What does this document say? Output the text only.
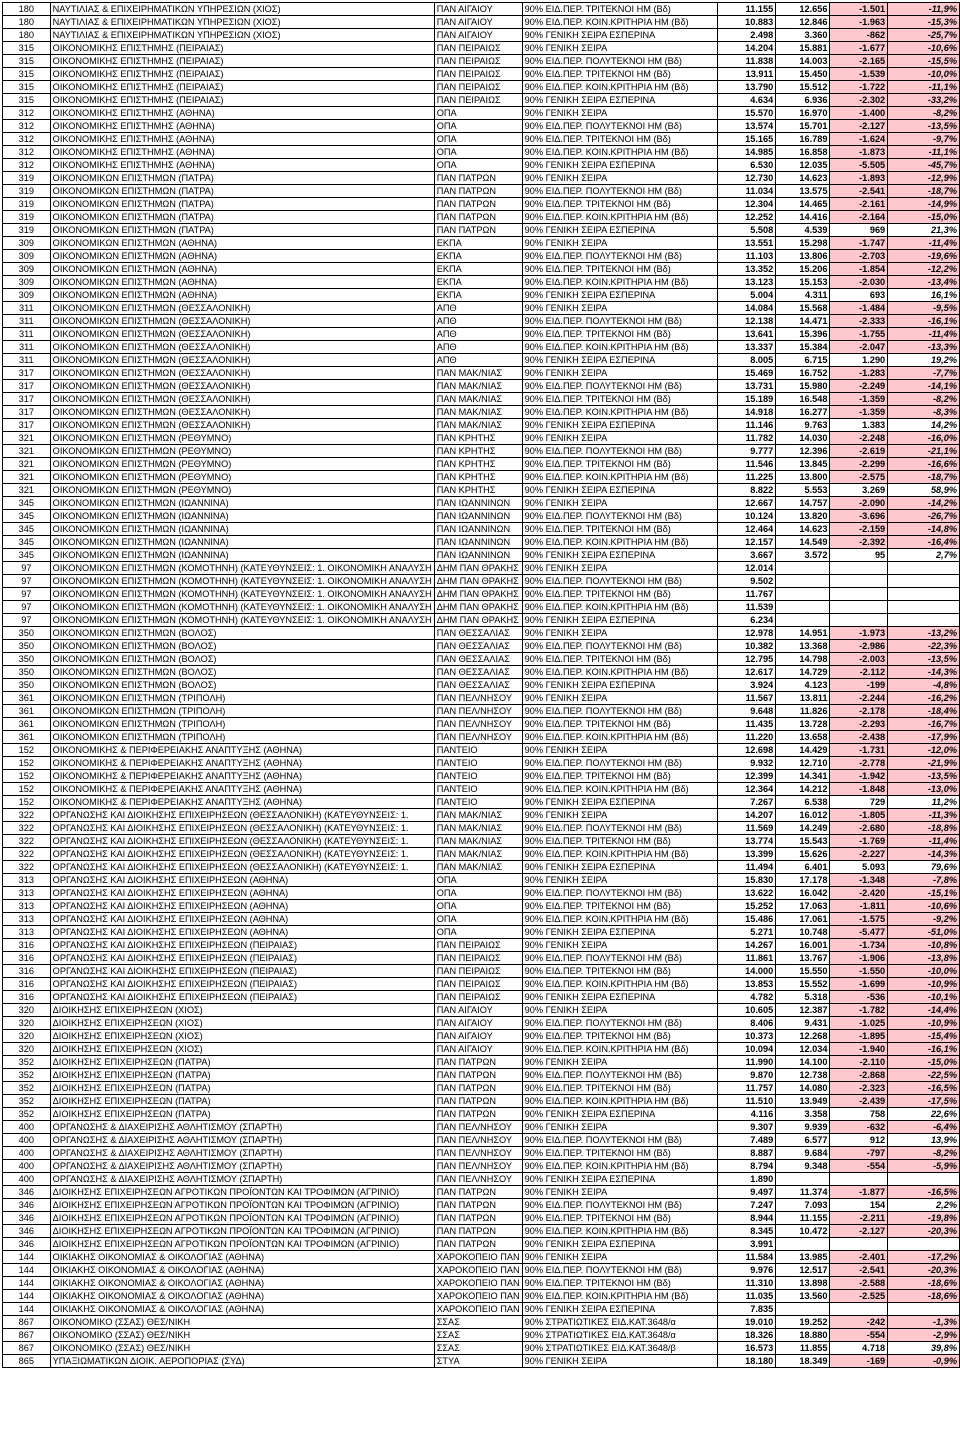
180	ΝΑΥΤΙΛΙΑΣ & ΕΠΙΧΕΙΡΗΜΑΤΙΚΩΝ ΥΠΗΡΕΣΙΩΝ (ΧΙΟΣ)	ΠΑΝ ΑΙΓΑΙΟΥ	90% ΕΙΔ.ΠΕΡ. ΤΡΙΤΕΚΝΟΙ ΗΜ (Βδ)	11.155	12.656	-1.501	-11,9%
180	ΝΑΥΤΙΛΙΑΣ & ΕΠΙΧΕΙΡΗΜΑΤΙΚΩΝ ΥΠΗΡΕΣΙΩΝ (ΧΙΟΣ)	ΠΑΝ ΑΙΓΑΙΟΥ	90% ΕΙΔ.ΠΕΡ. ΚΟΙΝ.ΚΡΙΤΗΡΙΑ ΗΜ (Βδ)	10.883	12.846	-1.963	-15,3%
180	ΝΑΥΤΙΛΙΑΣ & ΕΠΙΧΕΙΡΗΜΑΤΙΚΩΝ ΥΠΗΡΕΣΙΩΝ (ΧΙΟΣ)	ΠΑΝ ΑΙΓΑΙΟΥ	90% ΓΕΝΙΚΗ ΣΕΙΡΑ ΕΣΠΕΡΙΝΑ	2.498	3.360	-862	-25,7%
315	ΟΙΚΟΝΟΜΙΚΗΣ ΕΠΙΣΤΗΜΗΣ (ΠΕΙΡΑΙΑΣ)	ΠΑΝ ΠΕΙΡΑΙΩΣ	90% ΓΕΝΙΚΗ ΣΕΙΡΑ	14.204	15.881	-1.677	-10,6%
315	ΟΙΚΟΝΟΜΙΚΗΣ ΕΠΙΣΤΗΜΗΣ (ΠΕΙΡΑΙΑΣ)	ΠΑΝ ΠΕΙΡΑΙΩΣ	90% ΕΙΔ.ΠΕΡ. ΠΟΛΥΤΕΚΝΟΙ ΗΜ (Βδ)	11.838	14.003	-2.165	-15,5%
315	ΟΙΚΟΝΟΜΙΚΗΣ ΕΠΙΣΤΗΜΗΣ (ΠΕΙΡΑΙΑΣ)	ΠΑΝ ΠΕΙΡΑΙΩΣ	90% ΕΙΔ.ΠΕΡ. ΤΡΙΤΕΚΝΟΙ ΗΜ (Βδ)	13.911	15.450	-1.539	-10,0%
315	ΟΙΚΟΝΟΜΙΚΗΣ ΕΠΙΣΤΗΜΗΣ (ΠΕΙΡΑΙΑΣ)	ΠΑΝ ΠΕΙΡΑΙΩΣ	90% ΕΙΔ.ΠΕΡ. ΚΟΙΝ.ΚΡΙΤΗΡΙΑ ΗΜ (Βδ)	13.790	15.512	-1.722	-11,1%
315	ΟΙΚΟΝΟΜΙΚΗΣ ΕΠΙΣΤΗΜΗΣ (ΠΕΙΡΑΙΑΣ)	ΠΑΝ ΠΕΙΡΑΙΩΣ	90% ΓΕΝΙΚΗ ΣΕΙΡΑ ΕΣΠΕΡΙΝΑ	4.634	6.936	-2.302	-33,2%
312	ΟΙΚΟΝΟΜΙΚΗΣ ΕΠΙΣΤΗΜΗΣ (ΑΘΗΝΑ)	ΟΠΑ	90% ΓΕΝΙΚΗ ΣΕΙΡΑ	15.570	16.970	-1.400	-8,2%
312	ΟΙΚΟΝΟΜΙΚΗΣ ΕΠΙΣΤΗΜΗΣ (ΑΘΗΝΑ)	ΟΠΑ	90% ΕΙΔ.ΠΕΡ. ΠΟΛΥΤΕΚΝΟΙ ΗΜ (Βδ)	13.574	15.701	-2.127	-13,5%
312	ΟΙΚΟΝΟΜΙΚΗΣ ΕΠΙΣΤΗΜΗΣ (ΑΘΗΝΑ)	ΟΠΑ	90% ΕΙΔ.ΠΕΡ. ΤΡΙΤΕΚΝΟΙ ΗΜ (Βδ)	15.165	16.789	-1.624	-9,7%
312	ΟΙΚΟΝΟΜΙΚΗΣ ΕΠΙΣΤΗΜΗΣ (ΑΘΗΝΑ)	ΟΠΑ	90% ΕΙΔ.ΠΕΡ. ΚΟΙΝ.ΚΡΙΤΗΡΙΑ ΗΜ (Βδ)	14.985	16.858	-1.873	-11,1%
312	ΟΙΚΟΝΟΜΙΚΗΣ ΕΠΙΣΤΗΜΗΣ (ΑΘΗΝΑ)	ΟΠΑ	90% ΓΕΝΙΚΗ ΣΕΙΡΑ ΕΣΠΕΡΙΝΑ	6.530	12.035	-5.505	-45,7%
319	ΟΙΚΟΝΟΜΙΚΩΝ ΕΠΙΣΤΗΜΩΝ (ΠΑΤΡΑ)	ΠΑΝ ΠΑΤΡΩΝ	90% ΓΕΝΙΚΗ ΣΕΙΡΑ	12.730	14.623	-1.893	-12,9%
319	ΟΙΚΟΝΟΜΙΚΩΝ ΕΠΙΣΤΗΜΩΝ (ΠΑΤΡΑ)	ΠΑΝ ΠΑΤΡΩΝ	90% ΕΙΔ.ΠΕΡ. ΠΟΛΥΤΕΚΝΟΙ ΗΜ (Βδ)	11.034	13.575	-2.541	-18,7%
319	ΟΙΚΟΝΟΜΙΚΩΝ ΕΠΙΣΤΗΜΩΝ (ΠΑΤΡΑ)	ΠΑΝ ΠΑΤΡΩΝ	90% ΕΙΔ.ΠΕΡ. ΤΡΙΤΕΚΝΟΙ ΗΜ (Βδ)	12.304	14.465	-2.161	-14,9%
319	ΟΙΚΟΝΟΜΙΚΩΝ ΕΠΙΣΤΗΜΩΝ (ΠΑΤΡΑ)	ΠΑΝ ΠΑΤΡΩΝ	90% ΕΙΔ.ΠΕΡ. ΚΟΙΝ.ΚΡΙΤΗΡΙΑ ΗΜ (Βδ)	12.252	14.416	-2.164	-15,0%
319	ΟΙΚΟΝΟΜΙΚΩΝ ΕΠΙΣΤΗΜΩΝ (ΠΑΤΡΑ)	ΠΑΝ ΠΑΤΡΩΝ	90% ΓΕΝΙΚΗ ΣΕΙΡΑ ΕΣΠΕΡΙΝΑ	5.508	4.539	969	21,3%
309	ΟΙΚΟΝΟΜΙΚΩΝ ΕΠΙΣΤΗΜΩΝ (ΑΘΗΝΑ)	ΕΚΠΑ	90% ΓΕΝΙΚΗ ΣΕΙΡΑ	13.551	15.298	-1.747	-11,4%
309	ΟΙΚΟΝΟΜΙΚΩΝ ΕΠΙΣΤΗΜΩΝ (ΑΘΗΝΑ)	ΕΚΠΑ	90% ΕΙΔ.ΠΕΡ. ΠΟΛΥΤΕΚΝΟΙ ΗΜ (Βδ)	11.103	13.806	-2.703	-19,6%
309	ΟΙΚΟΝΟΜΙΚΩΝ ΕΠΙΣΤΗΜΩΝ (ΑΘΗΝΑ)	ΕΚΠΑ	90% ΕΙΔ.ΠΕΡ. ΤΡΙΤΕΚΝΟΙ ΗΜ (Βδ)	13.352	15.206	-1.854	-12,2%
309	ΟΙΚΟΝΟΜΙΚΩΝ ΕΠΙΣΤΗΜΩΝ (ΑΘΗΝΑ)	ΕΚΠΑ	90% ΕΙΔ.ΠΕΡ. ΚΟΙΝ.ΚΡΙΤΗΡΙΑ ΗΜ (Βδ)	13.123	15.153	-2.030	-13,4%
309	ΟΙΚΟΝΟΜΙΚΩΝ ΕΠΙΣΤΗΜΩΝ (ΑΘΗΝΑ)	ΕΚΠΑ	90% ΓΕΝΙΚΗ ΣΕΙΡΑ ΕΣΠΕΡΙΝΑ	5.004	4.311	693	16,1%
311	ΟΙΚΟΝΟΜΙΚΩΝ ΕΠΙΣΤΗΜΩΝ (ΘΕΣΣΑΛΟΝΙΚΗ)	ΑΠΘ	90% ΓΕΝΙΚΗ ΣΕΙΡΑ	14.084	15.568	-1.484	-9,5%
311	ΟΙΚΟΝΟΜΙΚΩΝ ΕΠΙΣΤΗΜΩΝ (ΘΕΣΣΑΛΟΝΙΚΗ)	ΑΠΘ	90% ΕΙΔ.ΠΕΡ. ΠΟΛΥΤΕΚΝΟΙ ΗΜ (Βδ)	12.138	14.471	-2.333	-16,1%
311	ΟΙΚΟΝΟΜΙΚΩΝ ΕΠΙΣΤΗΜΩΝ (ΘΕΣΣΑΛΟΝΙΚΗ)	ΑΠΘ	90% ΕΙΔ.ΠΕΡ. ΤΡΙΤΕΚΝΟΙ ΗΜ (Βδ)	13.641	15.396	-1.755	-11,4%
311	ΟΙΚΟΝΟΜΙΚΩΝ ΕΠΙΣΤΗΜΩΝ (ΘΕΣΣΑΛΟΝΙΚΗ)	ΑΠΘ	90% ΕΙΔ.ΠΕΡ. ΚΟΙΝ.ΚΡΙΤΗΡΙΑ ΗΜ (Βδ)	13.337	15.384	-2.047	-13,3%
311	ΟΙΚΟΝΟΜΙΚΩΝ ΕΠΙΣΤΗΜΩΝ (ΘΕΣΣΑΛΟΝΙΚΗ)	ΑΠΘ	90% ΓΕΝΙΚΗ ΣΕΙΡΑ ΕΣΠΕΡΙΝΑ	8.005	6.715	1.290	19,2%
317	ΟΙΚΟΝΟΜΙΚΩΝ ΕΠΙΣΤΗΜΩΝ (ΘΕΣΣΑΛΟΝΙΚΗ)	ΠΑΝ ΜΑΚ/ΝΙΑΣ	90% ΓΕΝΙΚΗ ΣΕΙΡΑ	15.469	16.752	-1.283	-7,7%
317	ΟΙΚΟΝΟΜΙΚΩΝ ΕΠΙΣΤΗΜΩΝ (ΘΕΣΣΑΛΟΝΙΚΗ)	ΠΑΝ ΜΑΚ/ΝΙΑΣ	90% ΕΙΔ.ΠΕΡ. ΠΟΛΥΤΕΚΝΟΙ ΗΜ (Βδ)	13.731	15.980	-2.249	-14,1%
317	ΟΙΚΟΝΟΜΙΚΩΝ ΕΠΙΣΤΗΜΩΝ (ΘΕΣΣΑΛΟΝΙΚΗ)	ΠΑΝ ΜΑΚ/ΝΙΑΣ	90% ΕΙΔ.ΠΕΡ. ΤΡΙΤΕΚΝΟΙ ΗΜ (Βδ)	15.189	16.548	-1.359	-8,2%
317	ΟΙΚΟΝΟΜΙΚΩΝ ΕΠΙΣΤΗΜΩΝ (ΘΕΣΣΑΛΟΝΙΚΗ)	ΠΑΝ ΜΑΚ/ΝΙΑΣ	90% ΕΙΔ.ΠΕΡ. ΚΟΙΝ.ΚΡΙΤΗΡΙΑ ΗΜ (Βδ)	14.918	16.277	-1.359	-8,3%
317	ΟΙΚΟΝΟΜΙΚΩΝ ΕΠΙΣΤΗΜΩΝ (ΘΕΣΣΑΛΟΝΙΚΗ)	ΠΑΝ ΜΑΚ/ΝΙΑΣ	90% ΓΕΝΙΚΗ ΣΕΙΡΑ ΕΣΠΕΡΙΝΑ	11.146	9.763	1.383	14,2%
321	ΟΙΚΟΝΟΜΙΚΩΝ ΕΠΙΣΤΗΜΩΝ (ΡΕΘΥΜΝΟ)	ΠΑΝ ΚΡΗΤΗΣ	90% ΓΕΝΙΚΗ ΣΕΙΡΑ	11.782	14.030	-2.248	-16,0%
321	ΟΙΚΟΝΟΜΙΚΩΝ ΕΠΙΣΤΗΜΩΝ (ΡΕΘΥΜΝΟ)	ΠΑΝ ΚΡΗΤΗΣ	90% ΕΙΔ.ΠΕΡ. ΠΟΛΥΤΕΚΝΟΙ ΗΜ (Βδ)	9.777	12.396	-2.619	-21,1%
321	ΟΙΚΟΝΟΜΙΚΩΝ ΕΠΙΣΤΗΜΩΝ (ΡΕΘΥΜΝΟ)	ΠΑΝ ΚΡΗΤΗΣ	90% ΕΙΔ.ΠΕΡ. ΤΡΙΤΕΚΝΟΙ ΗΜ (Βδ)	11.546	13.845	-2.299	-16,6%
321	ΟΙΚΟΝΟΜΙΚΩΝ ΕΠΙΣΤΗΜΩΝ (ΡΕΘΥΜΝΟ)	ΠΑΝ ΚΡΗΤΗΣ	90% ΕΙΔ.ΠΕΡ. ΚΟΙΝ.ΚΡΙΤΗΡΙΑ ΗΜ (Βδ)	11.225	13.800	-2.575	-18,7%
321	ΟΙΚΟΝΟΜΙΚΩΝ ΕΠΙΣΤΗΜΩΝ (ΡΕΘΥΜΝΟ)	ΠΑΝ ΚΡΗΤΗΣ	90% ΓΕΝΙΚΗ ΣΕΙΡΑ ΕΣΠΕΡΙΝΑ	8.822	5.553	3.269	58,9%
345	ΟΙΚΟΝΟΜΙΚΩΝ ΕΠΙΣΤΗΜΩΝ (ΙΩΑΝΝΙΝΑ)	ΠΑΝ ΙΩΑΝΝΙΝΩΝ	90% ΓΕΝΙΚΗ ΣΕΙΡΑ	12.667	14.757	-2.090	-14,2%
345	ΟΙΚΟΝΟΜΙΚΩΝ ΕΠΙΣΤΗΜΩΝ (ΙΩΑΝΝΙΝΑ)	ΠΑΝ ΙΩΑΝΝΙΝΩΝ	90% ΕΙΔ.ΠΕΡ. ΠΟΛΥΤΕΚΝΟΙ ΗΜ (Βδ)	10.124	13.820	-3.696	-26,7%
345	ΟΙΚΟΝΟΜΙΚΩΝ ΕΠΙΣΤΗΜΩΝ (ΙΩΑΝΝΙΝΑ)	ΠΑΝ ΙΩΑΝΝΙΝΩΝ	90% ΕΙΔ.ΠΕΡ. ΤΡΙΤΕΚΝΟΙ ΗΜ (Βδ)	12.464	14.623	-2.159	-14,8%
345	ΟΙΚΟΝΟΜΙΚΩΝ ΕΠΙΣΤΗΜΩΝ (ΙΩΑΝΝΙΝΑ)	ΠΑΝ ΙΩΑΝΝΙΝΩΝ	90% ΕΙΔ.ΠΕΡ. ΚΟΙΝ.ΚΡΙΤΗΡΙΑ ΗΜ (Βδ)	12.157	14.549	-2.392	-16,4%
345	ΟΙΚΟΝΟΜΙΚΩΝ ΕΠΙΣΤΗΜΩΝ (ΙΩΑΝΝΙΝΑ)	ΠΑΝ ΙΩΑΝΝΙΝΩΝ	90% ΓΕΝΙΚΗ ΣΕΙΡΑ ΕΣΠΕΡΙΝΑ	3.667	3.572	95	2,7%
97	ΟΙΚΟΝΟΜΙΚΩΝ ΕΠΙΣΤΗΜΩΝ (ΚΟΜΟΤΗΝΗ) (ΚΑΤΕΥΘΥΝΣΕΙΣ: 1. ΟΙΚΟΝΟΜΙΚΗ ΑΝΑΛΥΣΗ	ΔΗΜ ΠΑΝ ΘΡΑΚΗΣ	90% ΓΕΝΙΚΗ ΣΕΙΡΑ	12.014			
97	ΟΙΚΟΝΟΜΙΚΩΝ ΕΠΙΣΤΗΜΩΝ (ΚΟΜΟΤΗΝΗ) (ΚΑΤΕΥΘΥΝΣΕΙΣ: 1. ΟΙΚΟΝΟΜΙΚΗ ΑΝΑΛΥΣΗ	ΔΗΜ ΠΑΝ ΘΡΑΚΗΣ	90% ΕΙΔ.ΠΕΡ. ΠΟΛΥΤΕΚΝΟΙ ΗΜ (Βδ)	9.502			
97	ΟΙΚΟΝΟΜΙΚΩΝ ΕΠΙΣΤΗΜΩΝ (ΚΟΜΟΤΗΝΗ) (ΚΑΤΕΥΘΥΝΣΕΙΣ: 1. ΟΙΚΟΝΟΜΙΚΗ ΑΝΑΛΥΣΗ	ΔΗΜ ΠΑΝ ΘΡΑΚΗΣ	90% ΕΙΔ.ΠΕΡ. ΤΡΙΤΕΚΝΟΙ ΗΜ (Βδ)	11.767			
97	ΟΙΚΟΝΟΜΙΚΩΝ ΕΠΙΣΤΗΜΩΝ (ΚΟΜΟΤΗΝΗ) (ΚΑΤΕΥΘΥΝΣΕΙΣ: 1. ΟΙΚΟΝΟΜΙΚΗ ΑΝΑΛΥΣΗ	ΔΗΜ ΠΑΝ ΘΡΑΚΗΣ	90% ΕΙΔ.ΠΕΡ. ΚΟΙΝ.ΚΡΙΤΗΡΙΑ ΗΜ (Βδ)	11.539			
97	ΟΙΚΟΝΟΜΙΚΩΝ ΕΠΙΣΤΗΜΩΝ (ΚΟΜΟΤΗΝΗ) (ΚΑΤΕΥΘΥΝΣΕΙΣ: 1. ΟΙΚΟΝΟΜΙΚΗ ΑΝΑΛΥΣΗ	ΔΗΜ ΠΑΝ ΘΡΑΚΗΣ	90% ΓΕΝΙΚΗ ΣΕΙΡΑ ΕΣΠΕΡΙΝΑ	6.234			
350	ΟΙΚΟΝΟΜΙΚΩΝ ΕΠΙΣΤΗΜΩΝ (ΒΟΛΟΣ)	ΠΑΝ ΘΕΣΣΑΛΙΑΣ	90% ΓΕΝΙΚΗ ΣΕΙΡΑ	12.978	14.951	-1.973	-13,2%
350	ΟΙΚΟΝΟΜΙΚΩΝ ΕΠΙΣΤΗΜΩΝ (ΒΟΛΟΣ)	ΠΑΝ ΘΕΣΣΑΛΙΑΣ	90% ΕΙΔ.ΠΕΡ. ΠΟΛΥΤΕΚΝΟΙ ΗΜ (Βδ)	10.382	13.368	-2.986	-22,3%
350	ΟΙΚΟΝΟΜΙΚΩΝ ΕΠΙΣΤΗΜΩΝ (ΒΟΛΟΣ)	ΠΑΝ ΘΕΣΣΑΛΙΑΣ	90% ΕΙΔ.ΠΕΡ. ΤΡΙΤΕΚΝΟΙ ΗΜ (Βδ)	12.795	14.798	-2.003	-13,5%
350	ΟΙΚΟΝΟΜΙΚΩΝ ΕΠΙΣΤΗΜΩΝ (ΒΟΛΟΣ)	ΠΑΝ ΘΕΣΣΑΛΙΑΣ	90% ΕΙΔ.ΠΕΡ. ΚΟΙΝ.ΚΡΙΤΗΡΙΑ ΗΜ (Βδ)	12.617	14.729	-2.112	-14,3%
350	ΟΙΚΟΝΟΜΙΚΩΝ ΕΠΙΣΤΗΜΩΝ (ΒΟΛΟΣ)	ΠΑΝ ΘΕΣΣΑΛΙΑΣ	90% ΓΕΝΙΚΗ ΣΕΙΡΑ ΕΣΠΕΡΙΝΑ	3.924	4.123	-199	-4,8%
361	ΟΙΚΟΝΟΜΙΚΩΝ ΕΠΙΣΤΗΜΩΝ (ΤΡΙΠΟΛΗ)	ΠΑΝ ΠΕΛ/ΝΗΣΟΥ	90% ΓΕΝΙΚΗ ΣΕΙΡΑ	11.567	13.811	-2.244	-16,2%
361	ΟΙΚΟΝΟΜΙΚΩΝ ΕΠΙΣΤΗΜΩΝ (ΤΡΙΠΟΛΗ)	ΠΑΝ ΠΕΛ/ΝΗΣΟΥ	90% ΕΙΔ.ΠΕΡ. ΠΟΛΥΤΕΚΝΟΙ ΗΜ (Βδ)	9.648	11.826	-2.178	-18,4%
361	ΟΙΚΟΝΟΜΙΚΩΝ ΕΠΙΣΤΗΜΩΝ (ΤΡΙΠΟΛΗ)	ΠΑΝ ΠΕΛ/ΝΗΣΟΥ	90% ΕΙΔ.ΠΕΡ. ΤΡΙΤΕΚΝΟΙ ΗΜ (Βδ)	11.435	13.728	-2.293	-16,7%
361	ΟΙΚΟΝΟΜΙΚΩΝ ΕΠΙΣΤΗΜΩΝ (ΤΡΙΠΟΛΗ)	ΠΑΝ ΠΕΛ/ΝΗΣΟΥ	90% ΕΙΔ.ΠΕΡ. ΚΟΙΝ.ΚΡΙΤΗΡΙΑ ΗΜ (Βδ)	11.220	13.658	-2.438	-17,9%
152	ΟΙΚΟΝΟΜΙΚΗΣ & ΠΕΡΙΦΕΡΕΙΑΚΗΣ ΑΝΑΠΤΥΞΗΣ (ΑΘΗΝΑ)	ΠΑΝΤΕΙΟ	90% ΓΕΝΙΚΗ ΣΕΙΡΑ	12.698	14.429	-1.731	-12,0%
152	ΟΙΚΟΝΟΜΙΚΗΣ & ΠΕΡΙΦΕΡΕΙΑΚΗΣ ΑΝΑΠΤΥΞΗΣ (ΑΘΗΝΑ)	ΠΑΝΤΕΙΟ	90% ΕΙΔ.ΠΕΡ. ΠΟΛΥΤΕΚΝΟΙ ΗΜ (Βδ)	9.932	12.710	-2.778	-21,9%
152	ΟΙΚΟΝΟΜΙΚΗΣ & ΠΕΡΙΦΕΡΕΙΑΚΗΣ ΑΝΑΠΤΥΞΗΣ (ΑΘΗΝΑ)	ΠΑΝΤΕΙΟ	90% ΕΙΔ.ΠΕΡ. ΤΡΙΤΕΚΝΟΙ ΗΜ (Βδ)	12.399	14.341	-1.942	-13,5%
152	ΟΙΚΟΝΟΜΙΚΗΣ & ΠΕΡΙΦΕΡΕΙΑΚΗΣ ΑΝΑΠΤΥΞΗΣ (ΑΘΗΝΑ)	ΠΑΝΤΕΙΟ	90% ΕΙΔ.ΠΕΡ. ΚΟΙΝ.ΚΡΙΤΗΡΙΑ ΗΜ (Βδ)	12.364	14.212	-1.848	-13,0%
152	ΟΙΚΟΝΟΜΙΚΗΣ & ΠΕΡΙΦΕΡΕΙΑΚΗΣ ΑΝΑΠΤΥΞΗΣ (ΑΘΗΝΑ)	ΠΑΝΤΕΙΟ	90% ΓΕΝΙΚΗ ΣΕΙΡΑ ΕΣΠΕΡΙΝΑ	7.267	6.538	729	11,2%
322	ΟΡΓΑΝΩΣΗΣ ΚΑΙ ΔΙΟΙΚΗΣΗΣ ΕΠΙΧΕΙΡΗΣΕΩΝ (ΘΕΣΣΑΛΟΝΙΚΗ) (ΚΑΤΕΥΘΥΝΣΕΙΣ: 1.	ΠΑΝ ΜΑΚ/ΝΙΑΣ	90% ΓΕΝΙΚΗ ΣΕΙΡΑ	14.207	16.012	-1.805	-11,3%
322	ΟΡΓΑΝΩΣΗΣ ΚΑΙ ΔΙΟΙΚΗΣΗΣ ΕΠΙΧΕΙΡΗΣΕΩΝ (ΘΕΣΣΑΛΟΝΙΚΗ) (ΚΑΤΕΥΘΥΝΣΕΙΣ: 1.	ΠΑΝ ΜΑΚ/ΝΙΑΣ	90% ΕΙΔ.ΠΕΡ. ΠΟΛΥΤΕΚΝΟΙ ΗΜ (Βδ)	11.569	14.249	-2.680	-18,8%
322	ΟΡΓΑΝΩΣΗΣ ΚΑΙ ΔΙΟΙΚΗΣΗΣ ΕΠΙΧΕΙΡΗΣΕΩΝ (ΘΕΣΣΑΛΟΝΙΚΗ) (ΚΑΤΕΥΘΥΝΣΕΙΣ: 1.	ΠΑΝ ΜΑΚ/ΝΙΑΣ	90% ΕΙΔ.ΠΕΡ. ΤΡΙΤΕΚΝΟΙ ΗΜ (Βδ)	13.774	15.543	-1.769	-11,4%
322	ΟΡΓΑΝΩΣΗΣ ΚΑΙ ΔΙΟΙΚΗΣΗΣ ΕΠΙΧΕΙΡΗΣΕΩΝ (ΘΕΣΣΑΛΟΝΙΚΗ) (ΚΑΤΕΥΘΥΝΣΕΙΣ: 1.	ΠΑΝ ΜΑΚ/ΝΙΑΣ	90% ΕΙΔ.ΠΕΡ. ΚΟΙΝ.ΚΡΙΤΗΡΙΑ ΗΜ (Βδ)	13.399	15.626	-2.227	-14,3%
322	ΟΡΓΑΝΩΣΗΣ ΚΑΙ ΔΙΟΙΚΗΣΗΣ ΕΠΙΧΕΙΡΗΣΕΩΝ (ΘΕΣΣΑΛΟΝΙΚΗ) (ΚΑΤΕΥΘΥΝΣΕΙΣ: 1.	ΠΑΝ ΜΑΚ/ΝΙΑΣ	90% ΓΕΝΙΚΗ ΣΕΙΡΑ ΕΣΠΕΡΙΝΑ	11.494	6.401	5.093	79,6%
313	ΟΡΓΑΝΩΣΗΣ ΚΑΙ ΔΙΟΙΚΗΣΗΣ ΕΠΙΧΕΙΡΗΣΕΩΝ (ΑΘΗΝΑ)	ΟΠΑ	90% ΓΕΝΙΚΗ ΣΕΙΡΑ	15.830	17.178	-1.348	-7,8%
313	ΟΡΓΑΝΩΣΗΣ ΚΑΙ ΔΙΟΙΚΗΣΗΣ ΕΠΙΧΕΙΡΗΣΕΩΝ (ΑΘΗΝΑ)	ΟΠΑ	90% ΕΙΔ.ΠΕΡ. ΠΟΛΥΤΕΚΝΟΙ ΗΜ (Βδ)	13.622	16.042	-2.420	-15,1%
313	ΟΡΓΑΝΩΣΗΣ ΚΑΙ ΔΙΟΙΚΗΣΗΣ ΕΠΙΧΕΙΡΗΣΕΩΝ (ΑΘΗΝΑ)	ΟΠΑ	90% ΕΙΔ.ΠΕΡ. ΤΡΙΤΕΚΝΟΙ ΗΜ (Βδ)	15.252	17.063	-1.811	-10,6%
313	ΟΡΓΑΝΩΣΗΣ ΚΑΙ ΔΙΟΙΚΗΣΗΣ ΕΠΙΧΕΙΡΗΣΕΩΝ (ΑΘΗΝΑ)	ΟΠΑ	90% ΕΙΔ.ΠΕΡ. ΚΟΙΝ.ΚΡΙΤΗΡΙΑ ΗΜ (Βδ)	15.486	17.061	-1.575	-9,2%
313	ΟΡΓΑΝΩΣΗΣ ΚΑΙ ΔΙΟΙΚΗΣΗΣ ΕΠΙΧΕΙΡΗΣΕΩΝ (ΑΘΗΝΑ)	ΟΠΑ	90% ΓΕΝΙΚΗ ΣΕΙΡΑ ΕΣΠΕΡΙΝΑ	5.271	10.748	-5.477	-51,0%
316	ΟΡΓΑΝΩΣΗΣ ΚΑΙ ΔΙΟΙΚΗΣΗΣ ΕΠΙΧΕΙΡΗΣΕΩΝ (ΠΕΙΡΑΙΑΣ)	ΠΑΝ ΠΕΙΡΑΙΩΣ	90% ΓΕΝΙΚΗ ΣΕΙΡΑ	14.267	16.001	-1.734	-10,8%
316	ΟΡΓΑΝΩΣΗΣ ΚΑΙ ΔΙΟΙΚΗΣΗΣ ΕΠΙΧΕΙΡΗΣΕΩΝ (ΠΕΙΡΑΙΑΣ)	ΠΑΝ ΠΕΙΡΑΙΩΣ	90% ΕΙΔ.ΠΕΡ. ΠΟΛΥΤΕΚΝΟΙ ΗΜ (Βδ)	11.861	13.767	-1.906	-13,8%
316	ΟΡΓΑΝΩΣΗΣ ΚΑΙ ΔΙΟΙΚΗΣΗΣ ΕΠΙΧΕΙΡΗΣΕΩΝ (ΠΕΙΡΑΙΑΣ)	ΠΑΝ ΠΕΙΡΑΙΩΣ	90% ΕΙΔ.ΠΕΡ. ΤΡΙΤΕΚΝΟΙ ΗΜ (Βδ)	14.000	15.550	-1.550	-10,0%
316	ΟΡΓΑΝΩΣΗΣ ΚΑΙ ΔΙΟΙΚΗΣΗΣ ΕΠΙΧΕΙΡΗΣΕΩΝ (ΠΕΙΡΑΙΑΣ)	ΠΑΝ ΠΕΙΡΑΙΩΣ	90% ΕΙΔ.ΠΕΡ. ΚΟΙΝ.ΚΡΙΤΗΡΙΑ ΗΜ (Βδ)	13.853	15.552	-1.699	-10,9%
316	ΟΡΓΑΝΩΣΗΣ ΚΑΙ ΔΙΟΙΚΗΣΗΣ ΕΠΙΧΕΙΡΗΣΕΩΝ (ΠΕΙΡΑΙΑΣ)	ΠΑΝ ΠΕΙΡΑΙΩΣ	90% ΓΕΝΙΚΗ ΣΕΙΡΑ ΕΣΠΕΡΙΝΑ	4.782	5.318	-536	-10,1%
320	ΔΙΟΙΚΗΣΗΣ ΕΠΙΧΕΙΡΗΣΕΩΝ (ΧΙΟΣ)	ΠΑΝ ΑΙΓΑΙΟΥ	90% ΓΕΝΙΚΗ ΣΕΙΡΑ	10.605	12.387	-1.782	-14,4%
320	ΔΙΟΙΚΗΣΗΣ ΕΠΙΧΕΙΡΗΣΕΩΝ (ΧΙΟΣ)	ΠΑΝ ΑΙΓΑΙΟΥ	90% ΕΙΔ.ΠΕΡ. ΠΟΛΥΤΕΚΝΟΙ ΗΜ (Βδ)	8.406	9.431	-1.025	-10,9%
320	ΔΙΟΙΚΗΣΗΣ ΕΠΙΧΕΙΡΗΣΕΩΝ (ΧΙΟΣ)	ΠΑΝ ΑΙΓΑΙΟΥ	90% ΕΙΔ.ΠΕΡ. ΤΡΙΤΕΚΝΟΙ ΗΜ (Βδ)	10.373	12.268	-1.895	-15,4%
320	ΔΙΟΙΚΗΣΗΣ ΕΠΙΧΕΙΡΗΣΕΩΝ (ΧΙΟΣ)	ΠΑΝ ΑΙΓΑΙΟΥ	90% ΕΙΔ.ΠΕΡ. ΚΟΙΝ.ΚΡΙΤΗΡΙΑ ΗΜ (Βδ)	10.094	12.034	-1.940	-16,1%
352	ΔΙΟΙΚΗΣΗΣ ΕΠΙΧΕΙΡΗΣΕΩΝ (ΠΑΤΡΑ)	ΠΑΝ ΠΑΤΡΩΝ	90% ΓΕΝΙΚΗ ΣΕΙΡΑ	11.990	14.100	-2.110	-15,0%
352	ΔΙΟΙΚΗΣΗΣ ΕΠΙΧΕΙΡΗΣΕΩΝ (ΠΑΤΡΑ)	ΠΑΝ ΠΑΤΡΩΝ	90% ΕΙΔ.ΠΕΡ. ΠΟΛΥΤΕΚΝΟΙ ΗΜ (Βδ)	9.870	12.738	-2.868	-22,5%
352	ΔΙΟΙΚΗΣΗΣ ΕΠΙΧΕΙΡΗΣΕΩΝ (ΠΑΤΡΑ)	ΠΑΝ ΠΑΤΡΩΝ	90% ΕΙΔ.ΠΕΡ. ΤΡΙΤΕΚΝΟΙ ΗΜ (Βδ)	11.757	14.080	-2.323	-16,5%
352	ΔΙΟΙΚΗΣΗΣ ΕΠΙΧΕΙΡΗΣΕΩΝ (ΠΑΤΡΑ)	ΠΑΝ ΠΑΤΡΩΝ	90% ΕΙΔ.ΠΕΡ. ΚΟΙΝ.ΚΡΙΤΗΡΙΑ ΗΜ (Βδ)	11.510	13.949	-2.439	-17,5%
352	ΔΙΟΙΚΗΣΗΣ ΕΠΙΧΕΙΡΗΣΕΩΝ (ΠΑΤΡΑ)	ΠΑΝ ΠΑΤΡΩΝ	90% ΓΕΝΙΚΗ ΣΕΙΡΑ ΕΣΠΕΡΙΝΑ	4.116	3.358	758	22,6%
400	ΟΡΓΑΝΩΣΗΣ & ΔΙΑΧΕΙΡΙΣΗΣ ΑΘΛΗΤΙΣΜΟΥ (ΣΠΑΡΤΗ)	ΠΑΝ ΠΕΛ/ΝΗΣΟΥ	90% ΓΕΝΙΚΗ ΣΕΙΡΑ	9.307	9.939	-632	-6,4%
400	ΟΡΓΑΝΩΣΗΣ & ΔΙΑΧΕΙΡΙΣΗΣ ΑΘΛΗΤΙΣΜΟΥ (ΣΠΑΡΤΗ)	ΠΑΝ ΠΕΛ/ΝΗΣΟΥ	90% ΕΙΔ.ΠΕΡ. ΠΟΛΥΤΕΚΝΟΙ ΗΜ (Βδ)	7.489	6.577	912	13,9%
400	ΟΡΓΑΝΩΣΗΣ & ΔΙΑΧΕΙΡΙΣΗΣ ΑΘΛΗΤΙΣΜΟΥ (ΣΠΑΡΤΗ)	ΠΑΝ ΠΕΛ/ΝΗΣΟΥ	90% ΕΙΔ.ΠΕΡ. ΤΡΙΤΕΚΝΟΙ ΗΜ (Βδ)	8.887	9.684	-797	-8,2%
400	ΟΡΓΑΝΩΣΗΣ & ΔΙΑΧΕΙΡΙΣΗΣ ΑΘΛΗΤΙΣΜΟΥ (ΣΠΑΡΤΗ)	ΠΑΝ ΠΕΛ/ΝΗΣΟΥ	90% ΕΙΔ.ΠΕΡ. ΚΟΙΝ.ΚΡΙΤΗΡΙΑ ΗΜ (Βδ)	8.794	9.348	-554	-5,9%
400	ΟΡΓΑΝΩΣΗΣ & ΔΙΑΧΕΙΡΙΣΗΣ ΑΘΛΗΤΙΣΜΟΥ (ΣΠΑΡΤΗ)	ΠΑΝ ΠΕΛ/ΝΗΣΟΥ	90% ΓΕΝΙΚΗ ΣΕΙΡΑ ΕΣΠΕΡΙΝΑ	1.890			
346	ΔΙΟΙΚΗΣΗΣ ΕΠΙΧΕΙΡΗΣΕΩΝ ΑΓΡΟΤΙΚΩΝ ΠΡΟΪΟΝΤΩΝ ΚΑΙ ΤΡΟΦΙΜΩΝ (ΑΓΡΙΝΙΟ)	ΠΑΝ ΠΑΤΡΩΝ	90% ΓΕΝΙΚΗ ΣΕΙΡΑ	9.497	11.374	-1.877	-16,5%
346	ΔΙΟΙΚΗΣΗΣ ΕΠΙΧΕΙΡΗΣΕΩΝ ΑΓΡΟΤΙΚΩΝ ΠΡΟΪΟΝΤΩΝ ΚΑΙ ΤΡΟΦΙΜΩΝ (ΑΓΡΙΝΙΟ)	ΠΑΝ ΠΑΤΡΩΝ	90% ΕΙΔ.ΠΕΡ. ΠΟΛΥΤΕΚΝΟΙ ΗΜ (Βδ)	7.247	7.093	154	2,2%
346	ΔΙΟΙΚΗΣΗΣ ΕΠΙΧΕΙΡΗΣΕΩΝ ΑΓΡΟΤΙΚΩΝ ΠΡΟΪΟΝΤΩΝ ΚΑΙ ΤΡΟΦΙΜΩΝ (ΑΓΡΙΝΙΟ)	ΠΑΝ ΠΑΤΡΩΝ	90% ΕΙΔ.ΠΕΡ. ΤΡΙΤΕΚΝΟΙ ΗΜ (Βδ)	8.944	11.155	-2.211	-19,8%
346	ΔΙΟΙΚΗΣΗΣ ΕΠΙΧΕΙΡΗΣΕΩΝ ΑΓΡΟΤΙΚΩΝ ΠΡΟΪΟΝΤΩΝ ΚΑΙ ΤΡΟΦΙΜΩΝ (ΑΓΡΙΝΙΟ)	ΠΑΝ ΠΑΤΡΩΝ	90% ΕΙΔ.ΠΕΡ. ΚΟΙΝ.ΚΡΙΤΗΡΙΑ ΗΜ (Βδ)	8.345	10.472	-2.127	-20,3%
346	ΔΙΟΙΚΗΣΗΣ ΕΠΙΧΕΙΡΗΣΕΩΝ ΑΓΡΟΤΙΚΩΝ ΠΡΟΪΟΝΤΩΝ ΚΑΙ ΤΡΟΦΙΜΩΝ (ΑΓΡΙΝΙΟ)	ΠΑΝ ΠΑΤΡΩΝ	90% ΓΕΝΙΚΗ ΣΕΙΡΑ ΕΣΠΕΡΙΝΑ	3.991			
144	ΟΙΚΙΑΚΗΣ ΟΙΚΟΝΟΜΙΑΣ & ΟΙΚΟΛΟΓΙΑΣ (ΑΘΗΝΑ)	ΧΑΡΟΚΟΠΕΙΟ ΠΑΝ	90% ΓΕΝΙΚΗ ΣΕΙΡΑ	11.584	13.985	-2.401	-17,2%
144	ΟΙΚΙΑΚΗΣ ΟΙΚΟΝΟΜΙΑΣ & ΟΙΚΟΛΟΓΙΑΣ (ΑΘΗΝΑ)	ΧΑΡΟΚΟΠΕΙΟ ΠΑΝ	90% ΕΙΔ.ΠΕΡ. ΠΟΛΥΤΕΚΝΟΙ ΗΜ (Βδ)	9.976	12.517	-2.541	-20,3%
144	ΟΙΚΙΑΚΗΣ ΟΙΚΟΝΟΜΙΑΣ & ΟΙΚΟΛΟΓΙΑΣ (ΑΘΗΝΑ)	ΧΑΡΟΚΟΠΕΙΟ ΠΑΝ	90% ΕΙΔ.ΠΕΡ. ΤΡΙΤΕΚΝΟΙ ΗΜ (Βδ)	11.310	13.898	-2.588	-18,6%
144	ΟΙΚΙΑΚΗΣ ΟΙΚΟΝΟΜΙΑΣ & ΟΙΚΟΛΟΓΙΑΣ (ΑΘΗΝΑ)	ΧΑΡΟΚΟΠΕΙΟ ΠΑΝ	90% ΕΙΔ.ΠΕΡ. ΚΟΙΝ.ΚΡΙΤΗΡΙΑ ΗΜ (Βδ)	11.035	13.560	-2.525	-18,6%
144	ΟΙΚΙΑΚΗΣ ΟΙΚΟΝΟΜΙΑΣ & ΟΙΚΟΛΟΓΙΑΣ (ΑΘΗΝΑ)	ΧΑΡΟΚΟΠΕΙΟ ΠΑΝ	90% ΓΕΝΙΚΗ ΣΕΙΡΑ ΕΣΠΕΡΙΝΑ	7.835			
867	ΟΙΚΟΝΟΜΙΚΟ (ΣΣΑΣ) ΘΕΣ/ΝΙΚΗ	ΣΣΑΣ	90% ΣΤΡΑΤΙΩΤΙΚΕΣ ΕΙΔ.ΚΑΤ.3648/α	19.010	19.252	-242	-1,3%
867	ΟΙΚΟΝΟΜΙΚΟ (ΣΣΑΣ) ΘΕΣ/ΝΙΚΗ	ΣΣΑΣ	90% ΣΤΡΑΤΙΩΤΙΚΕΣ ΕΙΔ.ΚΑΤ.3648/α	18.326	18.880	-554	-2,9%
867	ΟΙΚΟΝΟΜΙΚΟ (ΣΣΑΣ) ΘΕΣ/ΝΙΚΗ	ΣΣΑΣ	90% ΣΤΡΑΤΙΩΤΙΚΕΣ ΕΙΔ.ΚΑΤ.3648/β	16.573	11.855	4.718	39,8%
865	ΥΠΑΞΙΩΜΑΤΙΚΩΝ ΔΙΟΙΚ. ΑΕΡΟΠΟΡΙΑΣ (ΣΥΔ)	ΣΤΥΑ	90% ΓΕΝΙΚΗ ΣΕΙΡΑ	18.180	18.349	-169	-0,9%
